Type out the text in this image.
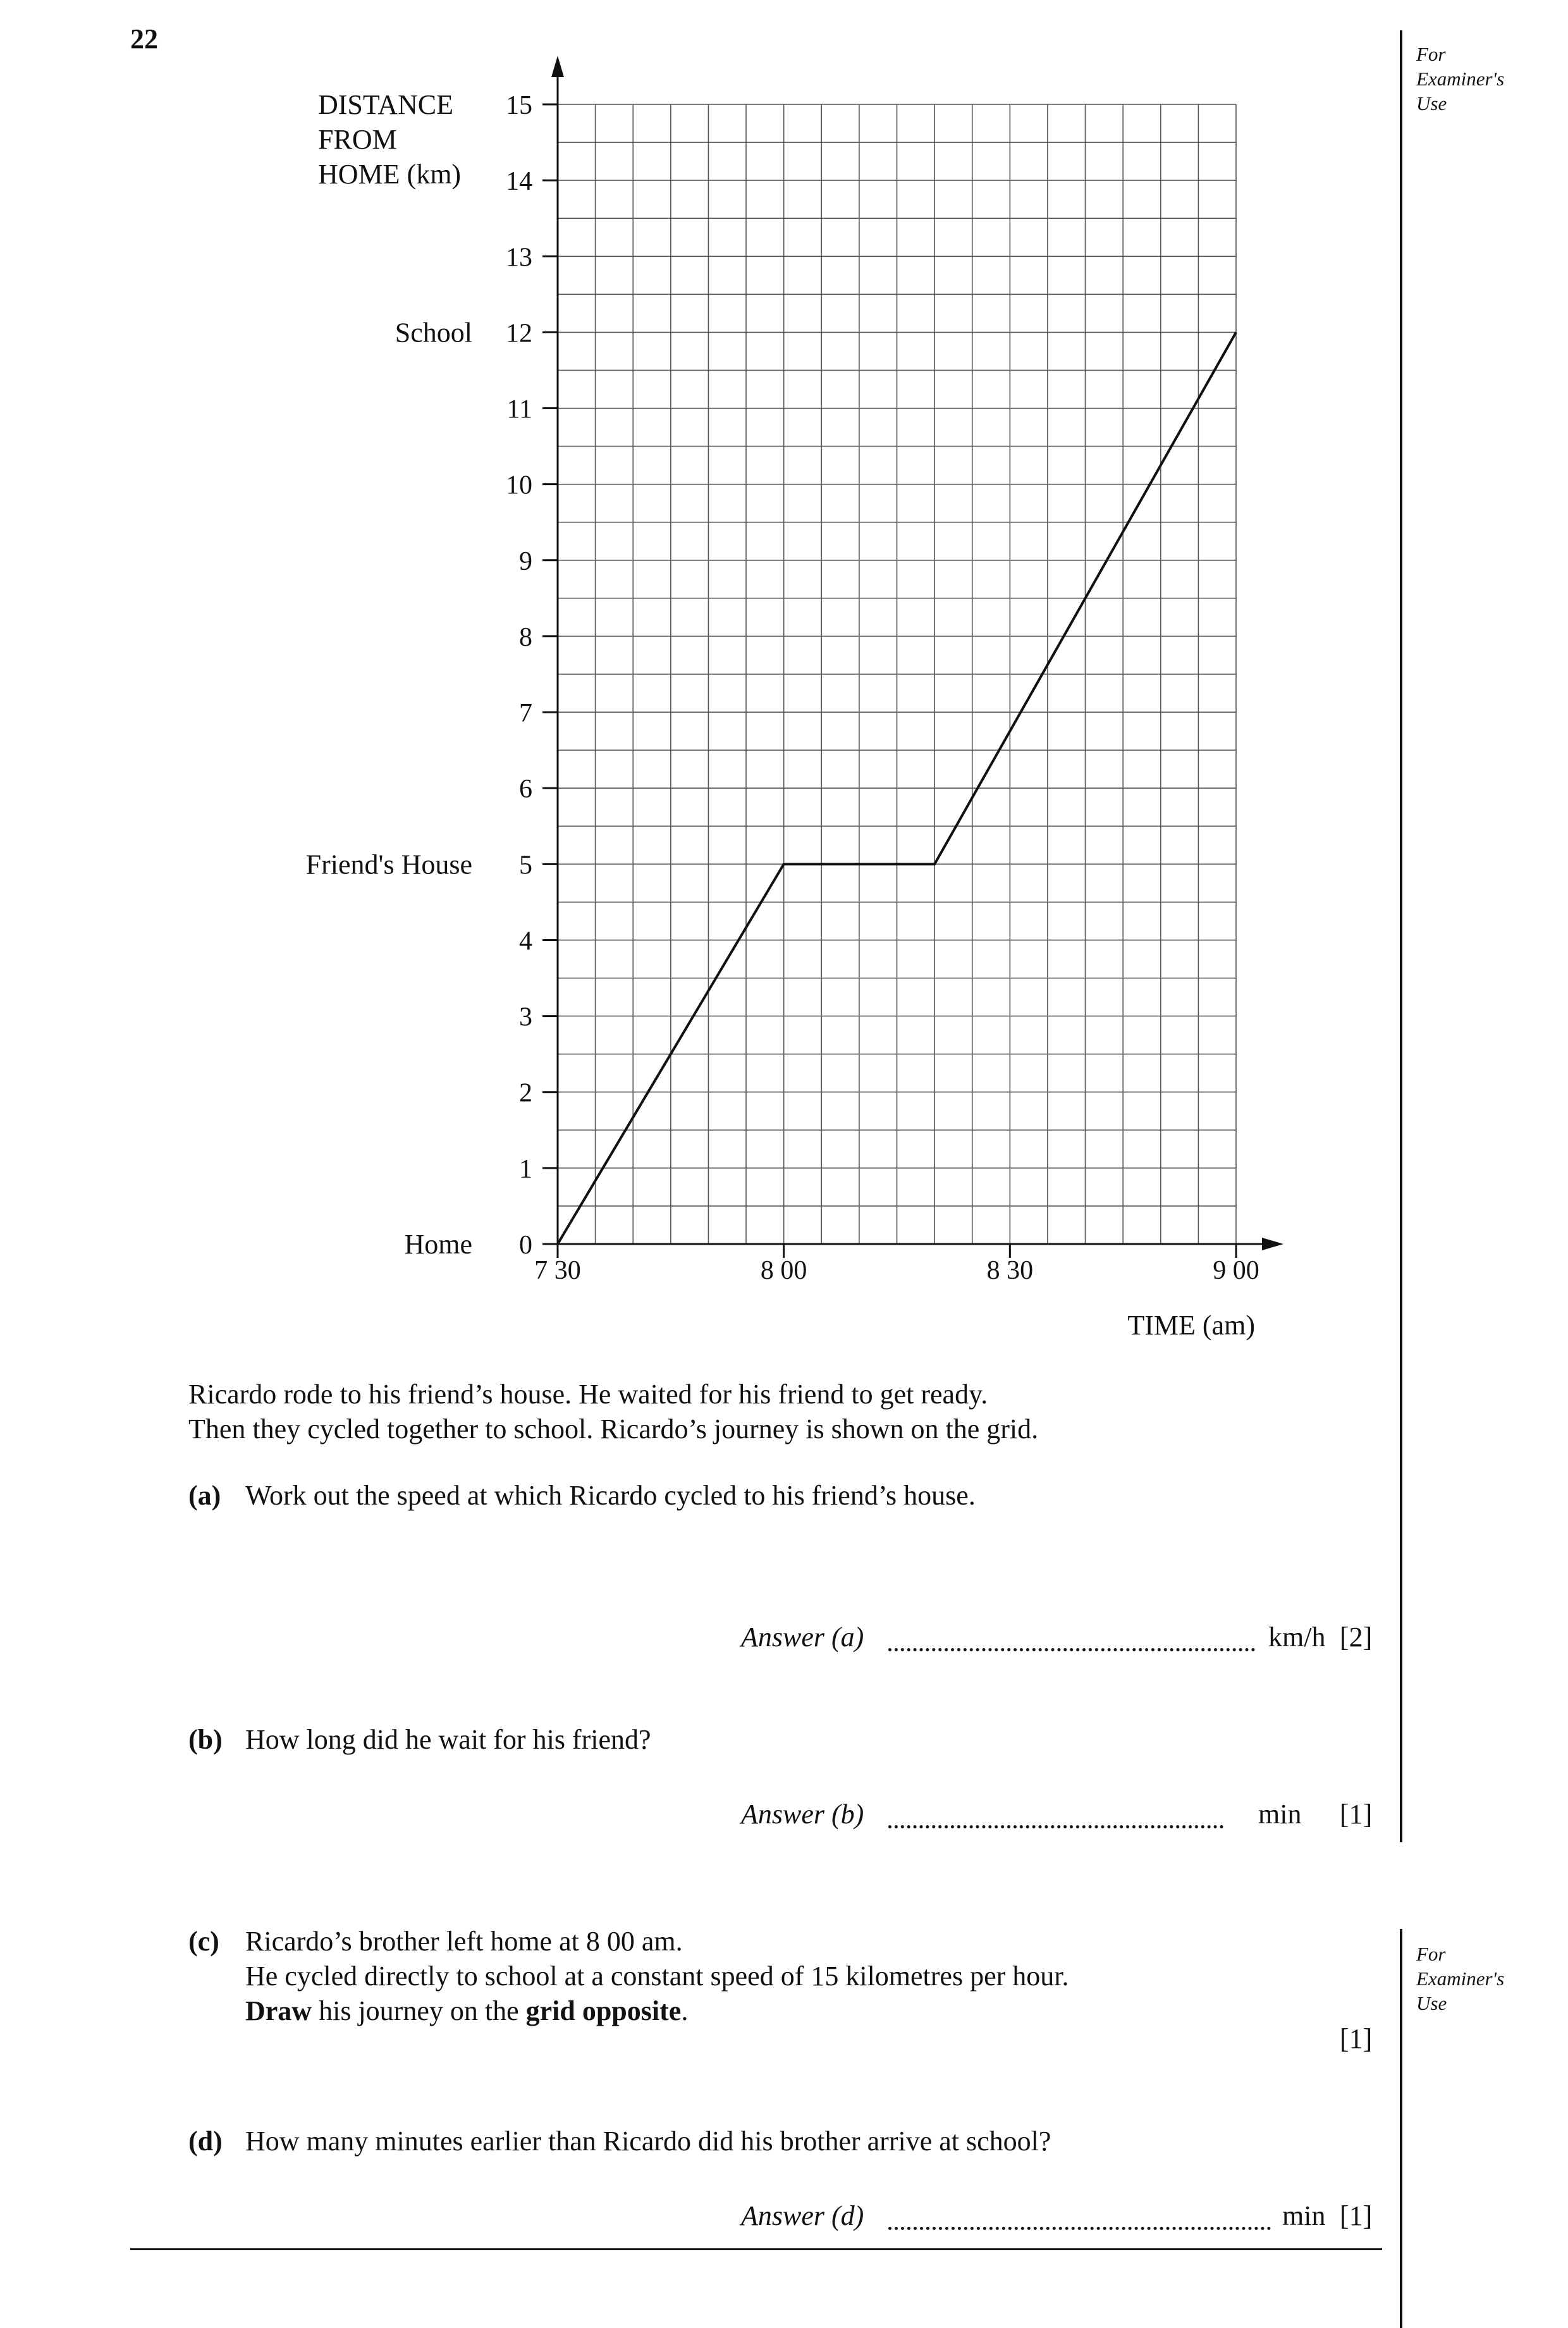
22	For
Examiner's
Use
For
Examiner's
Use
0
1
2
3
4
5
6
7
8
9
10
11
12
13
14
15
7 30	8 00	8 30	9 00
Home
Friend's House
School
DISTANCE
FROM
HOME (km)
TIME (am)
Ricardo rode to his friend’s house. He waited for his friend to get ready.
Then they cycled together to school. Ricardo’s journey is shown on the grid.
(a) Work out the speed at which Ricardo cycled to his friend’s house.
Answer (a)	km/h [2]
(b) How long did he wait for his friend?
Answer (b)	min [1]
(c) Ricardo’s brother left home at 8 00 am.
He cycled directly to school at a constant speed of 15 kilometres per hour.
Draw his journey on the grid opposite.
[1]
(d) How many minutes earlier than Ricardo did his brother arrive at school?
Answer (d)	min [1]
